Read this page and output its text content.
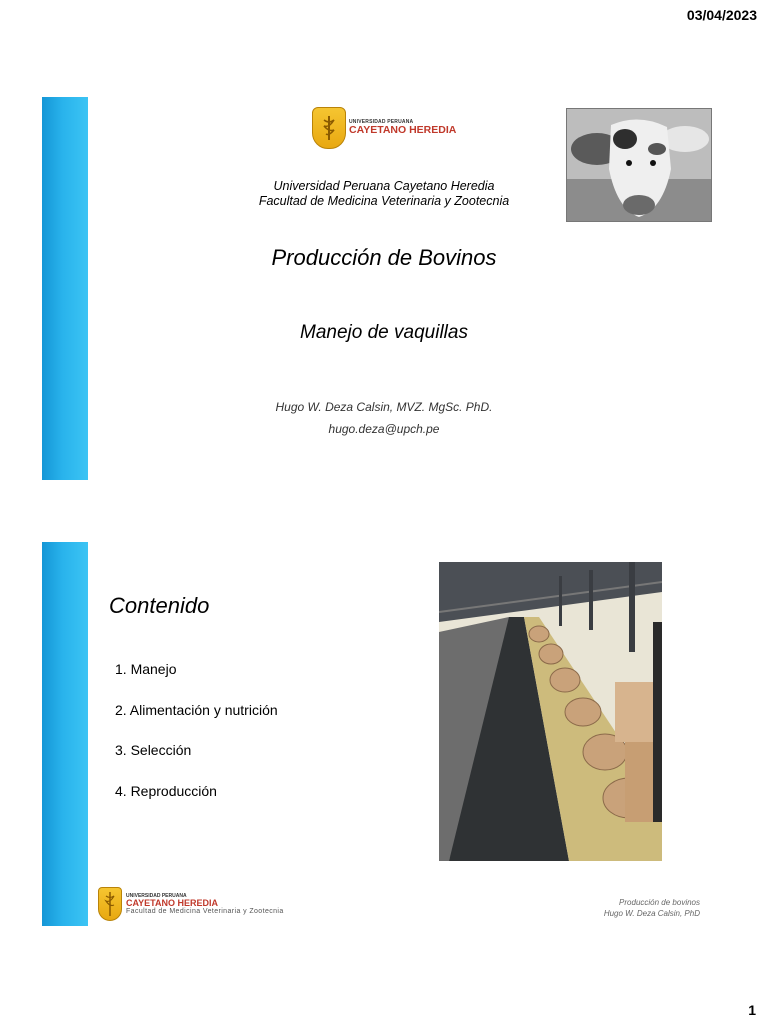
03/04/2023
UNIVERSIDAD PERUANA
CAYETANO HEREDIA
Universidad Peruana Cayetano Heredia
Facultad de Medicina Veterinaria y Zootecnia
Producción de Bovinos
Manejo de vaquillas
Hugo W. Deza Calsin, MVZ. MgSc. PhD.
hugo.deza@upch.pe
Contenido
1. Manejo
2. Alimentación y nutrición
3. Selección
4. Reproducción
UNIVERSIDAD PERUANA
CAYETANO HEREDIA
Facultad de Medicina Veterinaria y Zootecnia
Producción de bovinos
Hugo W. Deza Calsin, PhD
1
